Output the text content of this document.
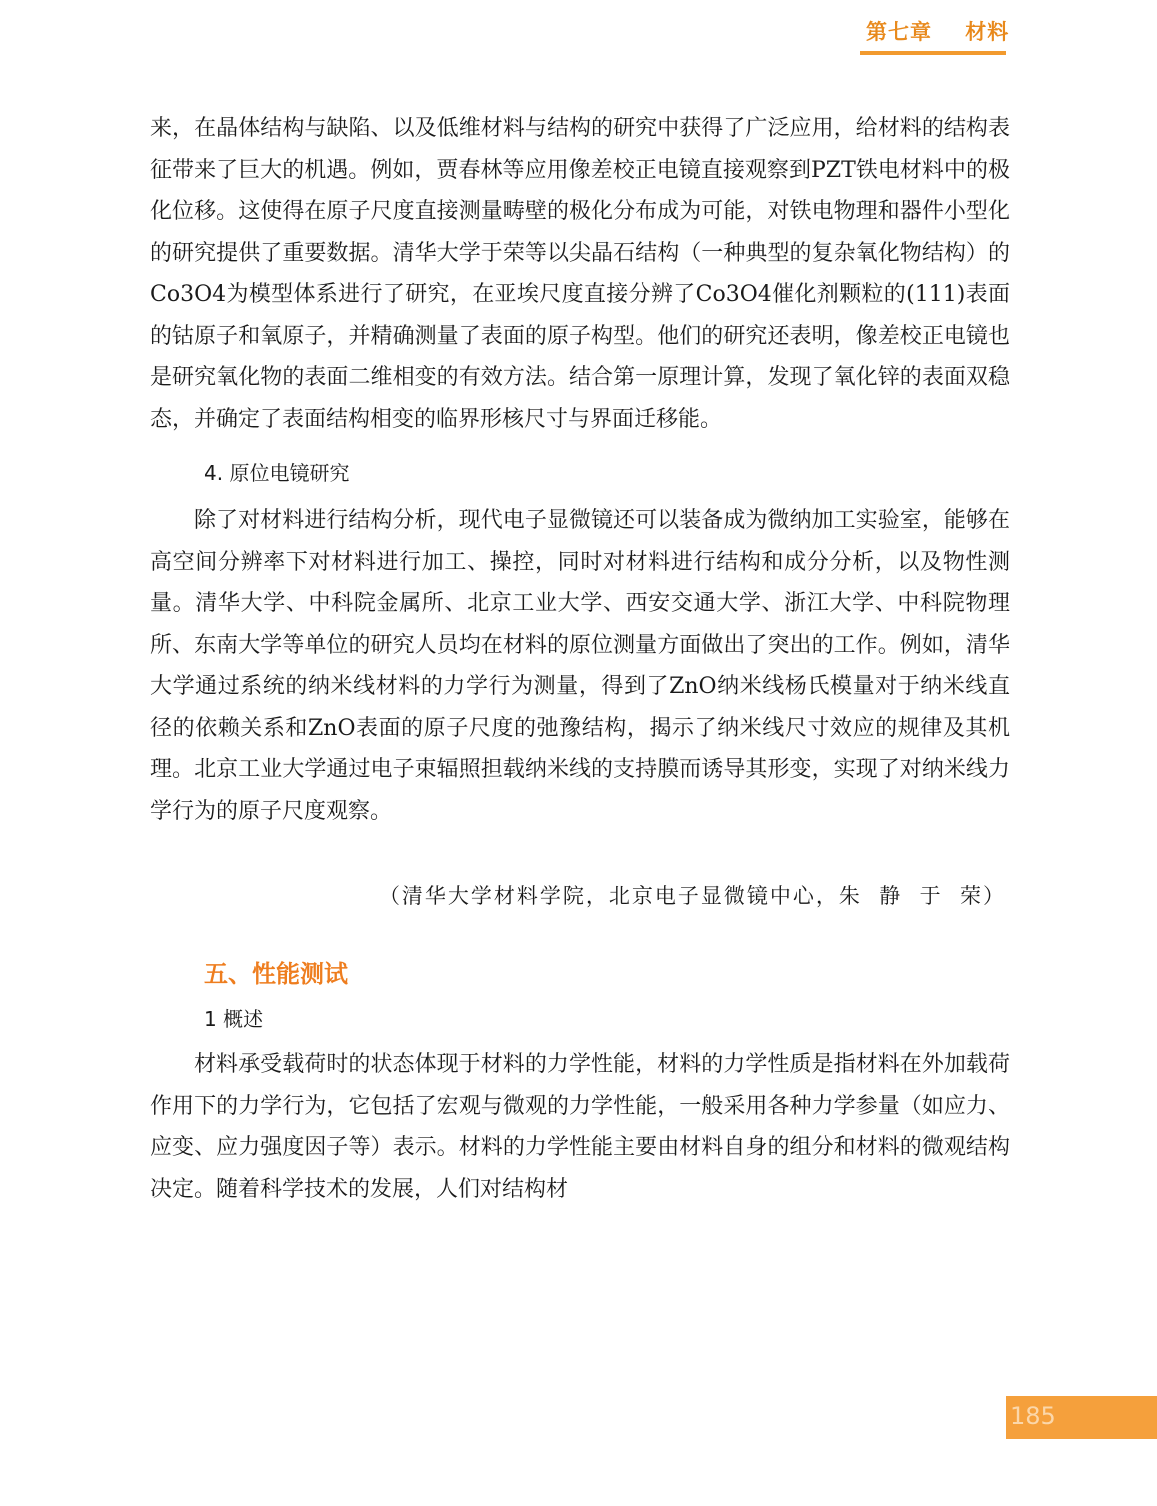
第七章    材料

来，在晶体结构与缺陷、以及低维材料与结构的研究中获得了广泛应用，给材料的结构表征带来了巨大的机遇。例如，贾春林等应用像差校正电镜直接观察到PZT铁电材料中的极化位移。这使得在原子尺度直接测量畴壁的极化分布成为可能，对铁电物理和器件小型化的研究提供了重要数据。清华大学于荣等以尖晶石结构（一种典型的复杂氧化物结构）的Co3O4为模型体系进行了研究，在亚埃尺度直接分辨了Co3O4催化剂颗粒的(111)表面的钴原子和氧原子，并精确测量了表面的原子构型。他们的研究还表明，像差校正电镜也是研究氧化物的表面二维相变的有效方法。结合第一原理计算，发现了氧化锌的表面双稳态，并确定了表面结构相变的临界形核尺寸与界面迁移能。

4. 原位电镜研究

除了对材料进行结构分析，现代电子显微镜还可以装备成为微纳加工实验室，能够在高空间分辨率下对材料进行加工、操控，同时对材料进行结构和成分分析，以及物性测量。清华大学、中科院金属所、北京工业大学、西安交通大学、浙江大学、中科院物理所、东南大学等单位的研究人员均在材料的原位测量方面做出了突出的工作。例如，清华大学通过系统的纳米线材料的力学行为测量，得到了ZnO纳米线杨氏模量对于纳米线直径的依赖关系和ZnO表面的原子尺度的弛豫结构，揭示了纳米线尺寸效应的规律及其机理。北京工业大学通过电子束辐照担载纳米线的支持膜而诱导其形变，实现了对纳米线力学行为的原子尺度观察。

（清华大学材料学院，北京电子显微镜中心，朱  静  于  荣）

五、性能测试

1 概述

材料承受载荷时的状态体现于材料的力学性能，材料的力学性质是指材料在外加载荷作用下的力学行为，它包括了宏观与微观的力学性能，一般采用各种力学参量（如应力、应变、应力强度因子等）表示。材料的力学性能主要由材料自身的组分和材料的微观结构决定。随着科学技术的发展，人们对结构材

185
